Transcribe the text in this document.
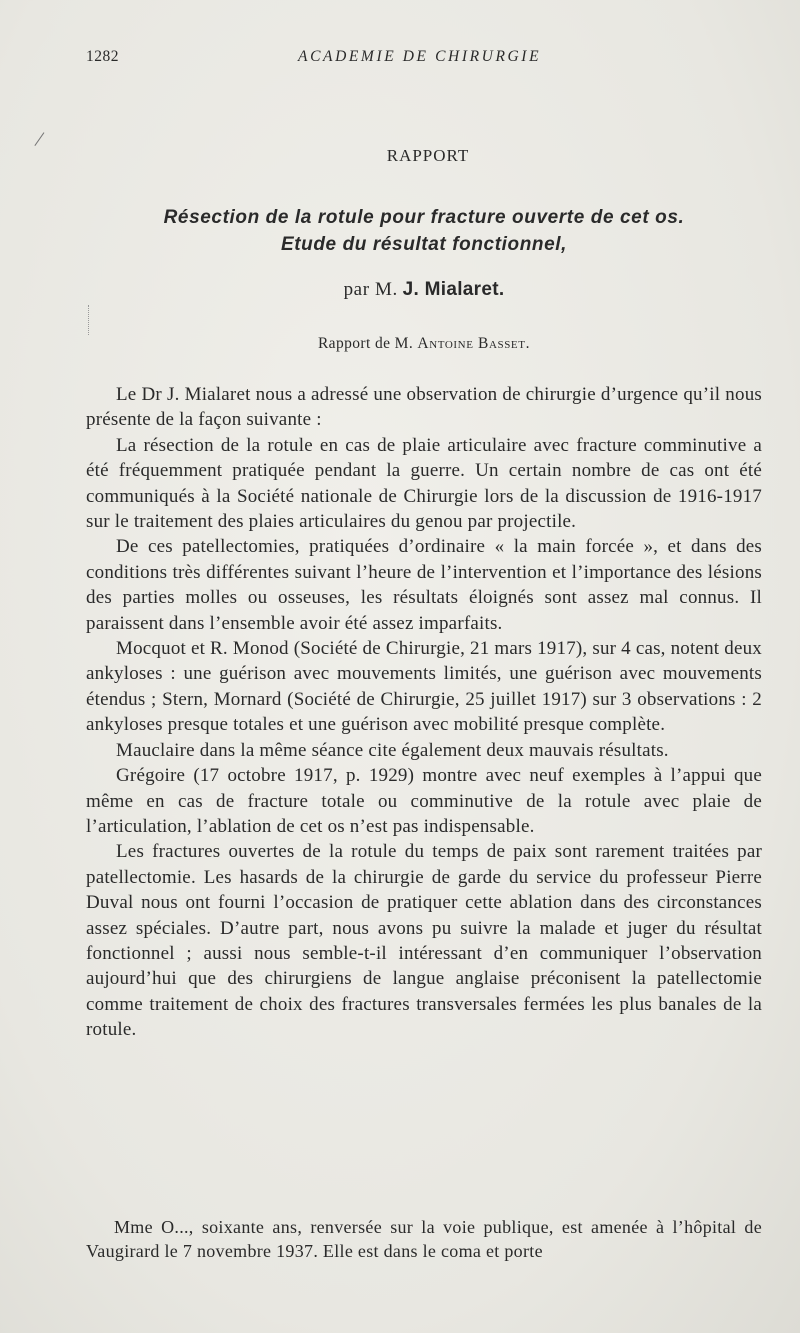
1282	ACADEMIE DE CHIRURGIE
RAPPORT
Résection de la rotule pour fracture ouverte de cet os.
Etude du résultat fonctionnel,
par M. J. Mialaret.
Rapport de M. Antoine Basset.

Le Dr J. Mialaret nous a adressé une observation de chirurgie d’urgence qu’il nous présente de la façon suivante :

La résection de la rotule en cas de plaie articulaire avec fracture comminutive a été fréquemment pratiquée pendant la guerre. Un certain nombre de cas ont été communiqués à la Société nationale de Chirurgie lors de la discussion de 1916-1917 sur le traitement des plaies articulaires du genou par projectile.

De ces patellectomies, pratiquées d’ordinaire « la main forcée », et dans des conditions très différentes suivant l’heure de l’intervention et l’importance des lésions des parties molles ou osseuses, les résultats éloignés sont assez mal connus. Il paraissent dans l’ensemble avoir été assez imparfaits.

Mocquot et R. Monod (Société de Chirurgie, 21 mars 1917), sur 4 cas, notent deux ankyloses : une guérison avec mouvements limités, une guérison avec mouvements étendus ; Stern, Mornard (Société de Chirurgie, 25 juillet 1917) sur 3 observations : 2 ankyloses presque totales et une guérison avec mobilité presque complète.

Mauclaire dans la même séance cite également deux mauvais résultats.

Grégoire (17 octobre 1917, p. 1929) montre avec neuf exemples à l’appui que même en cas de fracture totale ou comminutive de la rotule avec plaie de l’articulation, l’ablation de cet os n’est pas indispensable.

Les fractures ouvertes de la rotule du temps de paix sont rarement traitées par patellectomie. Les hasards de la chirurgie de garde du service du professeur Pierre Duval nous ont fourni l’occasion de pratiquer cette ablation dans des circonstances assez spéciales. D’autre part, nous avons pu suivre la malade et juger du résultat fonctionnel ; aussi nous semble-t-il intéressant d’en communiquer l’observation aujourd’hui que des chirurgiens de langue anglaise préconisent la patellectomie comme traitement de choix des fractures transversales fermées les plus banales de la rotule.

Mme O..., soixante ans, renversée sur la voie publique, est amenée à l’hôpital de Vaugirard le 7 novembre 1937. Elle est dans le coma et porte
